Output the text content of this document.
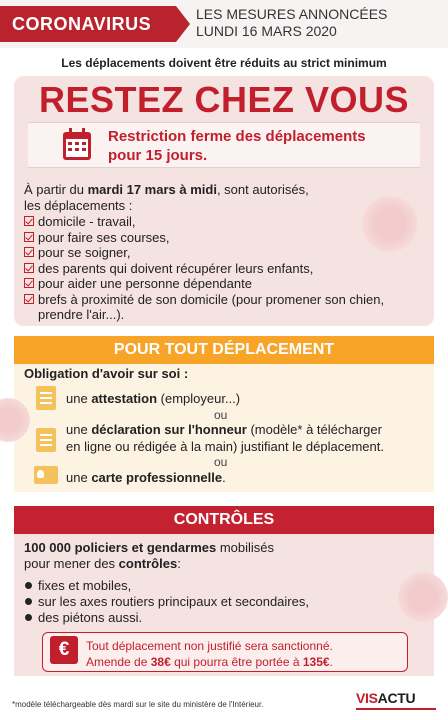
CORONAVIRUS	LES MESURES ANNONCÉES
LUNDI 16 MARS 2020
Les déplacements doivent être réduits au strict minimum
RESTEZ CHEZ VOUS
Restriction ferme des déplacements
pour 15 jours.
À partir du mardi 17 mars à midi, sont autorisés,
les déplacements :
domicile - travail,
pour faire ses courses,
pour se soigner,
des parents qui doivent récupérer leurs enfants,
pour aider une personne dépendante
brefs à proximité de son domicile (pour promener son chien,
prendre l'air...).
POUR TOUT DÉPLACEMENT
Obligation d'avoir sur soi :
une attestation (employeur...)
ou
une déclaration sur l'honneur (modèle* à télécharger
en ligne ou rédigée à la main) justifiant le déplacement.
ou
une carte professionnelle.
CONTRÔLES
100 000 policiers et gendarmes mobilisés
pour mener des contrôles:
fixes et mobiles,
sur les axes routiers principaux et secondaires,
des piétons aussi.
€	Tout déplacement non justifié sera sanctionné.
Amende de 38€ qui pourra être portée à 135€.
*modèle téléchargeable dès mardi sur le site du ministère de l'Intérieur.	VISACTU
